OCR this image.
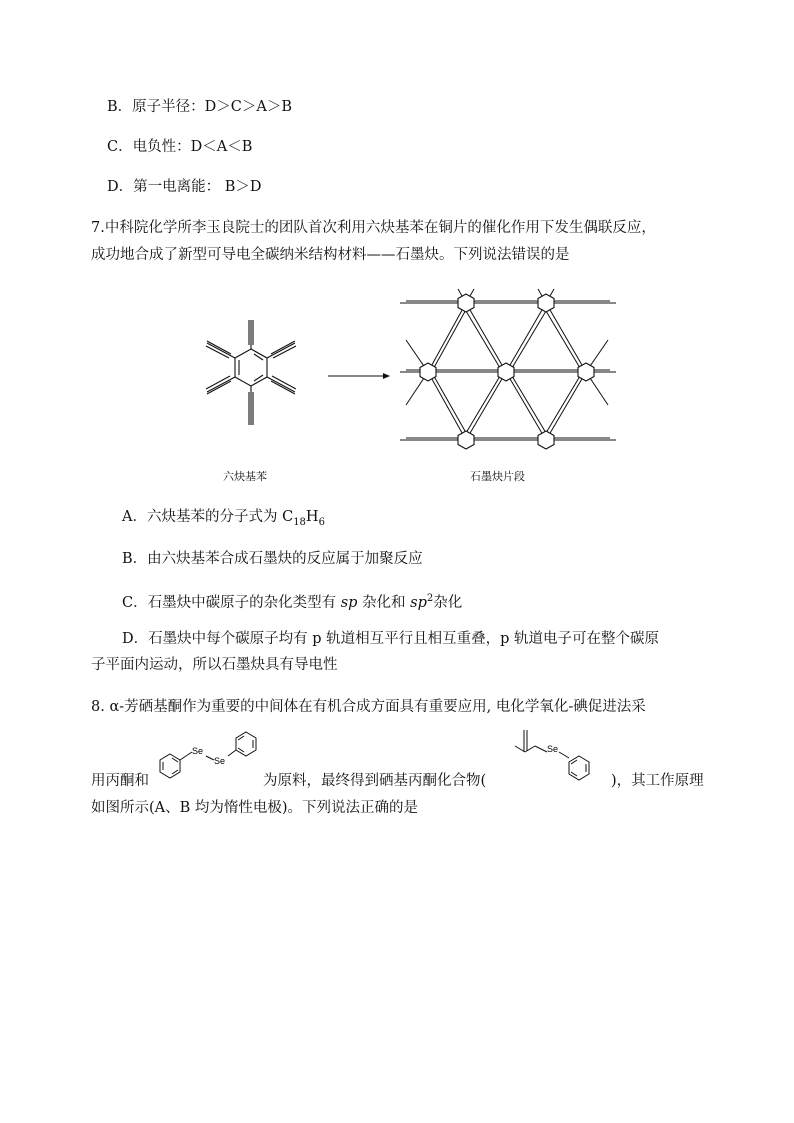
B．原子半径：D＞C＞A＞B
C．电负性：D＜A＜B
D．第一电离能： B＞D
7.中科院化学所李玉良院士的团队首次利用六炔基苯在铜片的催化作用下发生偶联反应，
成功地合成了新型可导电全碳纳米结构材料——石墨炔。下列说法错误的是
六炔基苯	石墨炔片段
A．六炔基苯的分子式为 $C_{18}H_6$
B．由六炔基苯合成石墨炔的反应属于加聚反应
C．石墨炔中碳原子的杂化类型有 sp 杂化和 $sp^2$杂化
D．石墨炔中每个碳原子均有 p 轨道相互平行且相互重叠，p 轨道电子可在整个碳原
子平面内运动，所以石墨炔具有导电性
8. α-芳硒基酮作为重要的中间体在有机合成方面具有重要应用, 电化学氧化-碘促进法采
Se
Se
Se
用丙酮和	为原料，最终得到硒基丙酮化合物(	)，其工作原理
如图所示(A、B 均为惰性电极)。下列说法正确的是
